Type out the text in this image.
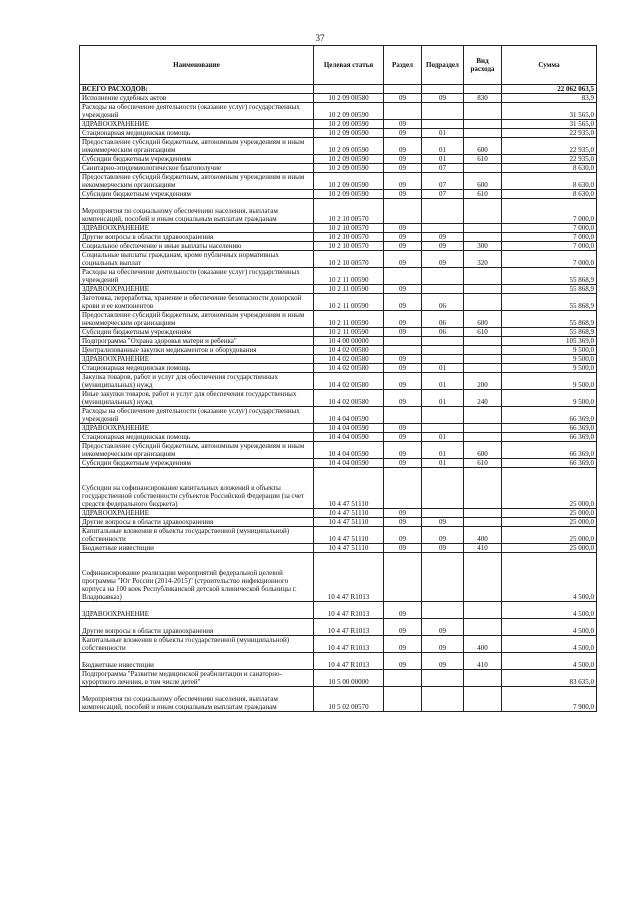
37
Наименование	Целевая статья	Раздел	Подраздел	Вид расхода	Сумма
ВСЕГО РАСХОДОВ:					22 062 063,5
Исполнение судебных актов	10 2 09 00580	09	09	830	83,9
Расходы на обеспечение деятельности (оказание услуг) государственных учреждений	10 2 09 00590				31 565,0
ЗДРАВООХРАНЕНИЕ	10 2 09 00590	09			31 565,0
Стационарная медицинская помощь	10 2 09 00590	09	01		22 935,0
Предоставление субсидий бюджетным, автономным учреждениям и иным некоммерческим организациям	10 2 09 00590	09	01	600	22 935,0
Субсидии бюджетным учреждениям	10 2 09 00590	09	01	610	22 935,0
Санитарно-эпидемиологическое благополучие	10 2 09 00590	09	07		8 630,0
Предоставление субсидий бюджетным, автономным учреждениям и иным некоммерческим организациям	10 2 09 00590	09	07	600	8 630,0
Субсидии бюджетным учреждениям	10 2 09 00590	09	07	610	8 630,0
Мероприятия по социальному обеспечению населения, выплатам компенсаций, пособий и иным социальным выплатам гражданам	10 2 10 00570				7 000,0
ЗДРАВООХРАНЕНИЕ	10 2 10 00570	09			7 000,0
Другие вопросы в области здравоохранения	10 2 10 00570	09	09		7 000,0
Социальное обеспечение и иные выплаты населению	10 2 10 00570	09	09	300	7 000,0
Социальные выплаты гражданам, кроме публичных нормативных социальных выплат	10 2 10 00570	09	09	320	7 000,0
Расходы на обеспечение деятельности (оказание услуг) государственных учреждений	10 2 11 00590				55 868,9
ЗДРАВООХРАНЕНИЕ	10 2 11 00590	09			55 868,9
Заготовка, переработка, хранение и обеспечение безопасности донорской крови и ее компонентов	10 2 11 00590	09	06		55 868,9
Предоставление субсидий бюджетным, автономным учреждениям и иным некоммерческим организациям	10 2 11 00590	09	06	600	55 868,9
Субсидии бюджетным учреждениям	10 2 11 00590	09	06	610	55 868,9
Подпрограмма "Охрана здоровья матери и ребенка"	10 4 00 00000				105 369,0
Централизованные закупки медикаментов и оборудования	10 4 02 00580				9 500,0
ЗДРАВООХРАНЕНИЕ	10 4 02 00580	09			9 500,0
Стационарная медицинская помощь	10 4 02 00580	09	01		9 500,0
Закупка товаров, работ и услуг для обеспечения государственных (муниципальных) нужд	10 4 02 00580	09	01	200	9 500,0
Иные закупки товаров, работ и услуг для обеспечения государственных (муниципальных) нужд	10 4 02 00580	09	01	240	9 500,0
Расходы на обеспечение деятельности (оказание услуг) государственных учреждений	10 4 04 00590				66 369,0
ЗДРАВООХРАНЕНИЕ	10 4 04 00590	09			66 369,0
Стационарная медицинская помощь	10 4 04 00590	09	01		66 369,0
Предоставление субсидий бюджетным, автономным учреждениям и иным некоммерческим организациям	10 4 04 00590	09	01	600	66 369,0
Субсидии бюджетным учреждениям	10 4 04 00590	09	01	610	66 369,0
Субсидии на софинансирование капитальных вложений в объекты государственной собственности субъектов Российской Федерации (за счет средств федерального бюджета)	10 4 47 51110				25 000,0
ЗДРАВООХРАНЕНИЕ	10 4 47 51110	09			25 000,0
Другие вопросы в области здравоохранения	10 4 47 51110	09	09		25 000,0
Капитальные вложения в объекты государственной (муниципальной) собственности	10 4 47 51110	09	09	400	25 000,0
Бюджетные инвестиции	10 4 47 51110	09	09	410	25 000,0
Софинансирование реализации мероприятий федеральной целевой программы "Юг России (2014-2015)" (строительство инфекционного корпуса на 100 коек Республиканской детской клинической больницы г. Владикавказ)	10 4 47 R1013				4 500,0
ЗДРАВООХРАНЕНИЕ	10 4 47 R1013	09			4 500,0
Другие вопросы в области здравоохранения	10 4 47 R1013	09	09		4 500,0
Капитальные вложения в объекты государственной (муниципальной) собственности	10 4 47 R1013	09	09	400	4 500,0
Бюджетные инвестиции	10 4 47 R1013	09	09	410	4 500,0
Подпрограмма "Развитие медицинской реабилитации и санаторно-курортного лечения, в том числе детей"	10 5 00 00000				83 635,0
Мероприятия по социальному обеспечению населения, выплатам компенсаций, пособий и иным социальным выплатам гражданам	10 5 02 00570				7 900,0
